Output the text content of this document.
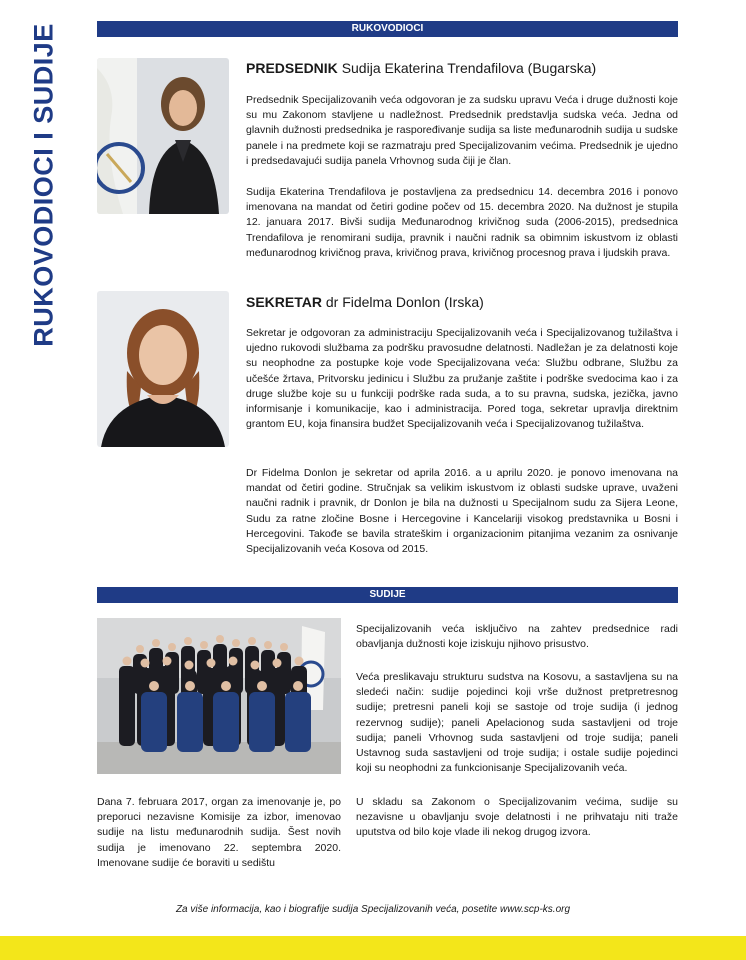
RUKOVODIOCI I SUDIJE	RUKOVODIOCI
PREDSEDNIK Sudija Ekaterina Trendafilova (Bugarska)

Predsednik Specijalizovanih veća odgovoran je za sudsku upravu Veća i druge dužnosti koje su mu Zakonom stavljene u nadležnost. Predsednik predstavlja sudska veća. Jedna od glavnih dužnosti predsednika je raspoređivanje sudija sa liste međunarodnih sudija u sudske panele i na predmete koji se razmatraju pred Specijalizovanim većima. Predsednik je ujedno i predsedavajući sudija panela Vrhovnog suda čiji je član.

Sudija Ekaterina Trendafilova je postavljena za predsednicu 14. decembra 2016 i ponovo imenovana na mandat od četiri godine počev od 15. decembra 2020. Na dužnost je stupila 12. januara 2017. Bivši sudija Međunarodnog krivičnog suda (2006-2015), predsednica Trendafilova je renomirani sudija, pravnik i naučni radnik sa obimnim iskustvom iz oblasti međunarodnog krivičnog prava, krivičnog prava, krivičnog procesnog prava i ljudskih prava.

SEKRETAR dr Fidelma Donlon (Irska)

Sekretar je odgovoran za administraciju Specijalizovanih veća i Specijalizovanog tužilaštva i ujedno rukovodi službama za podršku pravosudne delatnosti. Nadležan je za delatnosti koje su neophodne za postupke koje vode Specijalizovana veća: Službu odbrane, Službu za učešće žrtava, Pritvorsku jedinicu i Službu za pružanje zaštite i podrške svedocima kao i za druge službe koje su u funkciji podrške rada suda, a to su pravna, sudska, jezička, javno informisanje i komunikacije, kao i administracija. Pored toga, sekretar upravlja direktnim grantom EU, koja finansira budžet Specijalizovanih veća i Specijalizovanog tužilaštva.

Dr Fidelma Donlon je sekretar od aprila 2016. a u aprilu 2020. je ponovo imenovana na mandat od četiri godine. Stručnjak sa velikim iskustvom iz oblasti sudske uprave, uvaženi naučni radnik i pravnik, dr Donlon je bila na dužnosti u Specijalnom sudu za Sijera Leone, Sudu za ratne zločine Bosne i Hercegovine i Kancelariji visokog predstavnika u Bosni i Hercegovini. Takođe se bavila strateškim i organizacionim pitanjima vezanim za osnivanje Specijalizovanih veća Kosova od 2015.

SUDIJE

Dana 7. februara 2017, organ za imenovanje je, po preporuci nezavisne Komisije za izbor, imenovao sudije na listu međunarodnih sudija. Šest novih sudija je imenovano 22. septembra 2020. Imenovane sudije će boraviti u sedištu

Specijalizovanih veća isključivo na zahtev predsednice radi obavljanja dužnosti koje iziskuju njihovo prisustvo.

Veća preslikavaju strukturu sudstva na Kosovu, a sastavljena su na sledeći način: sudije pojedinci koji vrše dužnost pretpretresnog sudije; pretresni paneli koji se sastoje od troje sudija (i jednog rezervnog sudije); paneli Apelacionog suda sastavljeni od troje sudija; paneli Vrhovnog suda sastavljeni od troje sudija; paneli Ustavnog suda sastavljeni od troje sudija; i ostale sudije pojedinci koji su neophodni za funkcionisanje Specijalizovanih veća.

U skladu sa Zakonom o Specijalizovanim većima, sudije su nezavisne u obavljanju svoje delatnosti i ne prihvataju niti traže uputstva od bilo koje vlade ili nekog drugog izvora.

Za više informacija, kao i biografije sudija Specijalizovanih veća, posetite www.scp-ks.org
